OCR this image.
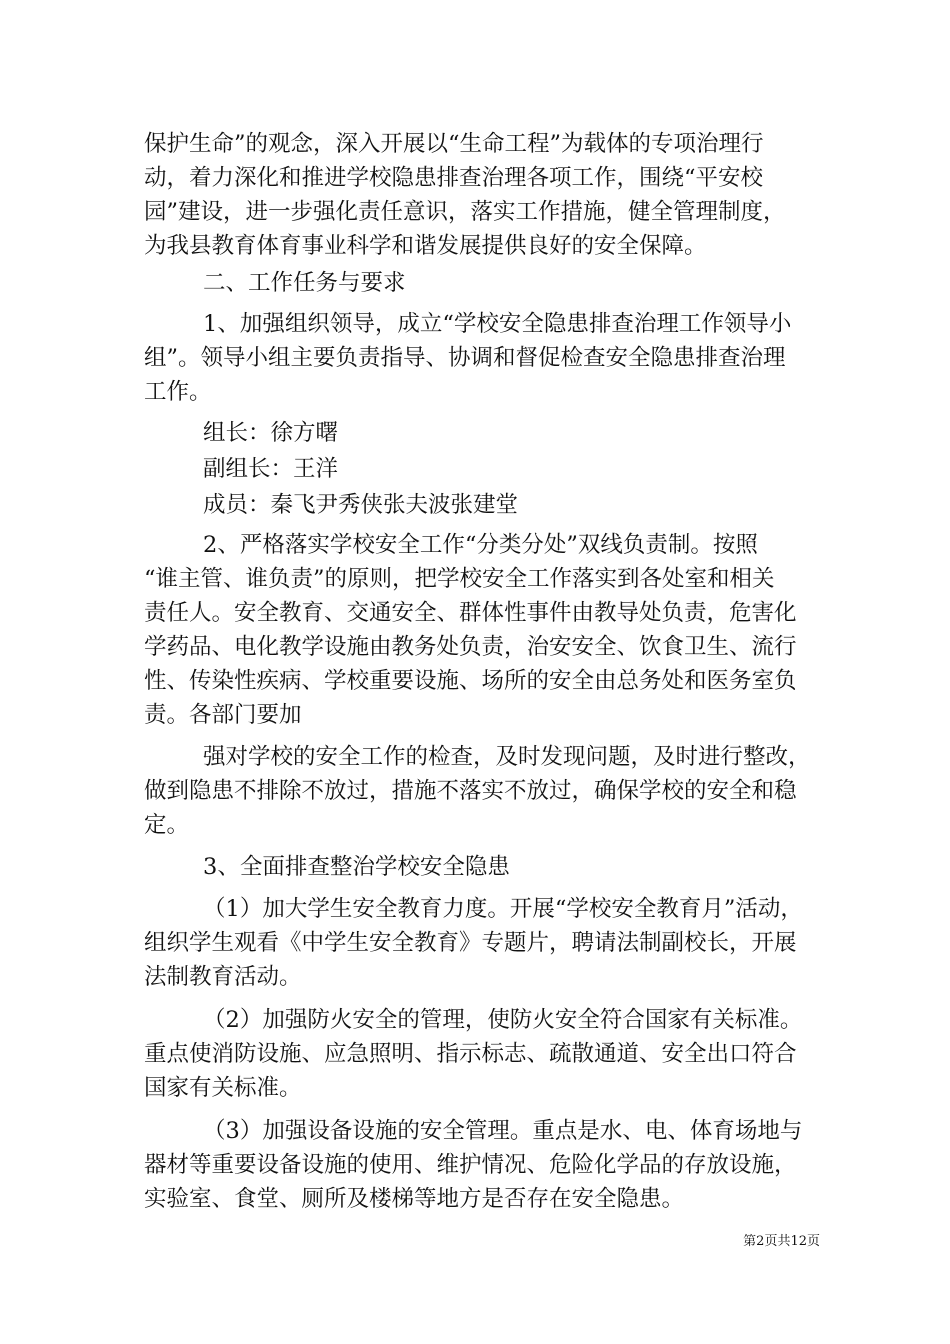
保护生命”的观念，深入开展以“生命工程”为载体的专项治理行
动，着力深化和推进学校隐患排查治理各项工作，围绕“平安校
园”建设，进一步强化责任意识，落实工作措施，健全管理制度，
为我县教育体育事业科学和谐发展提供良好的安全保障。
二、工作任务与要求
1、加强组织领导，成立“学校安全隐患排查治理工作领导小
组”。领导小组主要负责指导、协调和督促检查安全隐患排查治理
工作。
组长：徐方曙
副组长：王洋
成员：秦飞尹秀侠张夫波张建堂
2、严格落实学校安全工作“分类分处”双线负责制。按照
“谁主管、谁负责”的原则，把学校安全工作落实到各处室和相关
责任人。安全教育、交通安全、群体性事件由教导处负责，危害化
学药品、电化教学设施由教务处负责，治安安全、饮食卫生、流行
性、传染性疾病、学校重要设施、场所的安全由总务处和医务室负
责。各部门要加
强对学校的安全工作的检查，及时发现问题，及时进行整改，
做到隐患不排除不放过，措施不落实不放过，确保学校的安全和稳
定。
3、全面排查整治学校安全隐患
（1）加大学生安全教育力度。开展“学校安全教育月”活动，
组织学生观看《中学生安全教育》专题片，聘请法制副校长，开展
法制教育活动。
（2）加强防火安全的管理，使防火安全符合国家有关标准。
重点使消防设施、应急照明、指示标志、疏散通道、安全出口符合
国家有关标准。
（3）加强设备设施的安全管理。重点是水、电、体育场地与
器材等重要设备设施的使用、维护情况、危险化学品的存放设施，
实验室、食堂、厕所及楼梯等地方是否存在安全隐患。
第2页共12页
